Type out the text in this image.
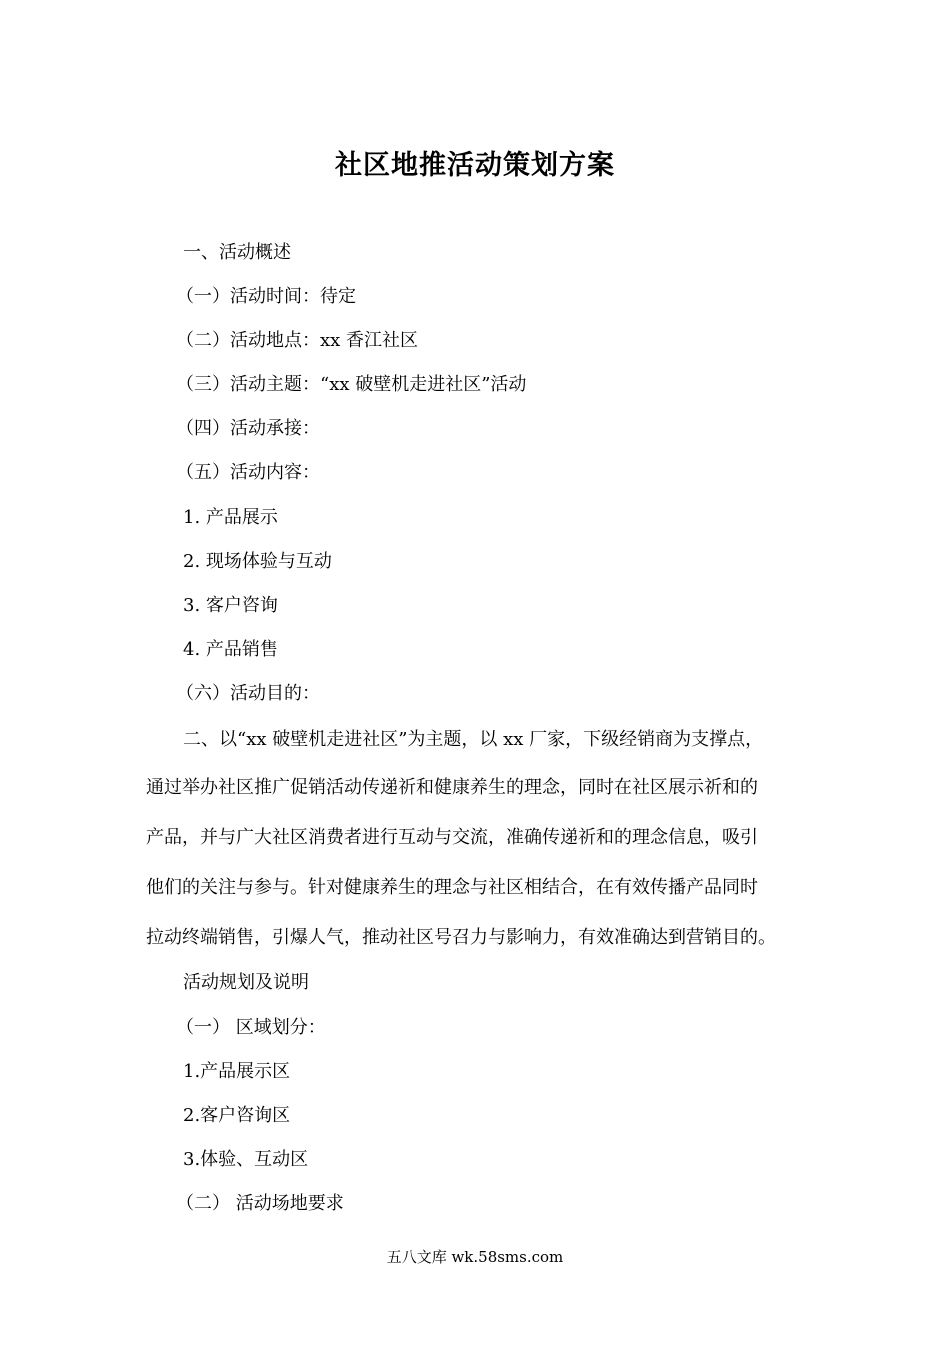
社区地推活动策划方案
一、活动概述
（一）活动时间：待定
（二）活动地点：xx 香江社区
（三）活动主题：“xx 破壁机走进社区”活动
（四）活动承接：
（五）活动内容：
1. 产品展示
2. 现场体验与互动
3. 客户咨询
4. 产品销售
（六）活动目的：
二、以“xx 破壁机走进社区”为主题，以 xx 厂家，下级经销商为支撑点，
通过举办社区推广促销活动传递祈和健康养生的理念，同时在社区展示祈和的
产品，并与广大社区消费者进行互动与交流，准确传递祈和的理念信息，吸引
他们的关注与参与。针对健康养生的理念与社区相结合，在有效传播产品同时
拉动终端销售，引爆人气，推动社区号召力与影响力，有效准确达到营销目的。
活动规划及说明
（一） 区域划分：
1.产品展示区
2.客户咨询区
3.体验、互动区
（二） 活动场地要求
五八文库 wk.58sms.com
